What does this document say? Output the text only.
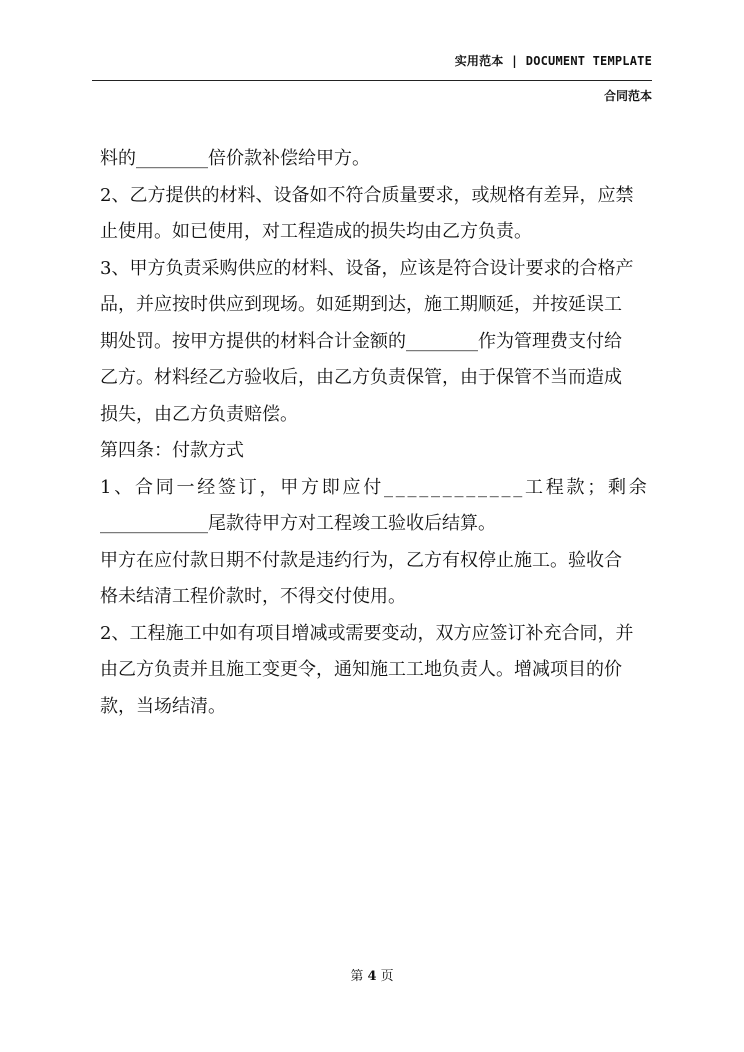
实用范本 | DOCUMENT TEMPLATE
合同范本

料的________倍价款补偿给甲方。

2、乙方提供的材料、设备如不符合质量要求，或规格有差异，应禁

止使用。如已使用，对工程造成的损失均由乙方负责。

3、甲方负责采购供应的材料、设备，应该是符合设计要求的合格产

品，并应按时供应到现场。如延期到达，施工期顺延，并按延误工

期处罚。按甲方提供的材料合计金额的________作为管理费支付给

乙方。材料经乙方验收后，由乙方负责保管，由于保管不当而造成

损失，由乙方负责赔偿。

第四条：付款方式

1、合同一经签订，甲方即应付____________工程款；剩余

____________尾款待甲方对工程竣工验收后结算。

甲方在应付款日期不付款是违约行为，乙方有权停止施工。验收合

格未结清工程价款时，不得交付使用。

2、工程施工中如有项目增减或需要变动，双方应签订补充合同，并

由乙方负责并且施工变更令，通知施工工地负责人。增减项目的价

款，当场结清。

第 4 页
